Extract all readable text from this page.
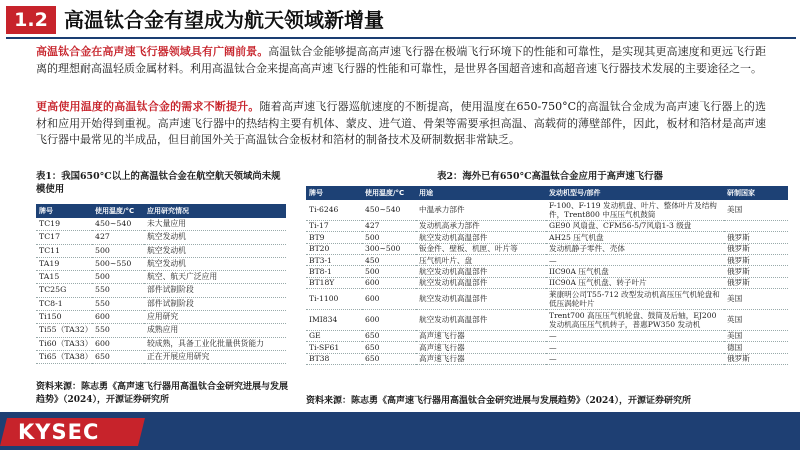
1.2 高温钛合金有望成为航天领域新增量
高温钛合金在高声速飞行器领域具有广阔前景。高温钛合金能够提高高声速飞行器在极端飞行环境下的性能和可靠性，是实现其更高速度和更远飞行距离的理想耐高温轻质金属材料。利用高温钛合金来提高高声速飞行器的性能和可靠性，是世界各国超音速和高超音速飞行器技术发展的主要途径之一。
更高使用温度的高温钛合金的需求不断提升。随着高声速飞行器巡航速度的不断提高，使用温度在650-750°C的高温钛合金成为高声速飞行器上的选材和应用开始得到重视。高声速飞行器中的热结构主要有机体、蒙皮、进气道、骨架等需要承担高温、高载荷的薄壁部件，因此，板材和箔材是高声速飞行器中最常见的半成品，但目前国外关于高温钛合金板材和箔材的制备技术及研制数据非常缺乏。
表1：我国650°C以上的高温钛合金在航空航天领域尚未规模使用
牌号	使用温度/°C	应用研究情况
TC19	450~540	未大量应用
TC17	427	航空发动机
TC11	500	航空发动机
TA19	500~550	航空发动机
TA15	500	航空、航天广泛应用
TC25G	550	部件试制阶段
TC8-1	550	部件试制阶段
Ti150	600	应用研究
Ti55（TA32）	550	成熟应用
Ti60（TA33）	600	较成熟，具备工业化批量供货能力
Ti65（TA38）	650	正在开展应用研究
资料来源：陈志勇《高声速飞行器用高温钛合金研究进展与发展趋势》（2024），开源证券研究所
表2：海外已有650°C高温钛合金应用于高声速飞行器
牌号	使用温度/°C	用途	发动机型号/部件	研制国家
Ti-6246	450~540	中温承力部件	F-100、F-119 发动机盘、叶片、整体叶片及结构件，Trent800 中压压气机鼓筒	美国
Ti-17	427	发动机高承力部件	GE90 风扇盘、CFM56-5/7风扇1-3 级盘	
BT9	500	航空发动机高温部件	AH25 压气机盘	俄罗斯
BT20	300~500	钣金件、壁板、机匣、叶片等	发动机静子零件、壳体	俄罗斯
BT3-1	450	压气机叶片、盘	—	俄罗斯
BT8-1	500	航空发动机高温部件	IIC90A 压气机盘	俄罗斯
BT18Y	600	航空发动机高温部件	IIC90A 压气机盘、转子叶片	俄罗斯
Ti-1100	600	航空发动机高温部件	莱康明公司T55-712 改型发动机高压压气机轮盘和低压涡轮叶片	美国
IMI834	600	航空发动机高温部件	Trent700 高压压气机轮盘、鼓筒及后轴，EJ200 发动机高压压气机转子，普惠PW350 发动机	英国
GE	650	高声速飞行器	—	美国
Ti-SF61	650	高声速飞行器	—	德国
BT38	650	高声速飞行器	—	俄罗斯
资料来源：陈志勇《高声速飞行器用高温钛合金研究进展与发展趋势》（2024），开源证券研究所
KYSEC
